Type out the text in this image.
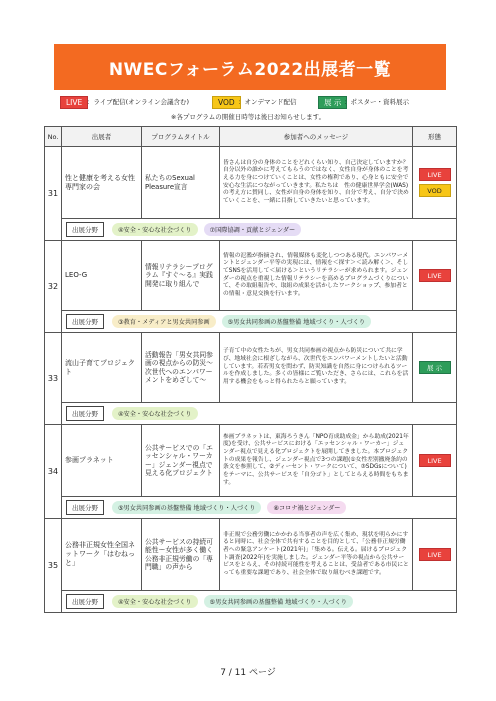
NWECフォーラム2022出展者一覧
LIVE ：ライブ配信(オンライン会議含む)	VOD ：オンデマンド配信	展 示 ：ポスター・資料展示
※各プログラムの開催日時等は後日お知らせします。
No.	出展者	プログラムタイトル	参加者へのメッセージ	形態
31	性と健康を考える女性専門家の会	私たちのSexual Pleasure宣言	皆さんは自分の身体のことをどれくらい知り、自己決定していますか？自分以外の誰かに考えてもらうのではなく、女性自身が身体のことを考える力を身につけていくことは、女性の権利であり、心身ともに安全で安心な生活につながっていきます。私たちは　性の健康世界学会(WAS)の考え方に賛同し、女性が自身の身体を知り、自分で考え、自分で決めていくことを、一緒に目指していきたいと思っています。	LIVE
VOD

	出展分野 ④安全・安心な社会づくり ⑦国際協調・貢献とジェンダー			
32	LEO-G	情報リテラシープログラム『すぐ〜る』実践開発に取り組んで	情報の氾濫が指摘され、情報媒体も変化しつつある現代。エンパワーメントとジェンダー平等の実現には、情報を＜探す＞＜読み解く＞、そしてSNSを活用して＜届ける＞というリテラシーが求められます。ジェンダーの視点を重視した情報リテラシーを高めるプログラムづくりについて、その取組報告や、取組の成果を活かしたワークショップ、参加者との情報・意見交換を行います。	LIVE

	出展分野 ③教育・メディアと男女共同参画 ⑤男女共同参画の基盤整備 地域づくり・人づくり			
33	流山子育てプロジェクト	活動報告「男女共同参画の視点からの防災〜次世代へのエンパワーメントをめざして〜	子育て中の女性たちが、男女共同参画の視点から防災について共に学び、地域社会に根ざしながら、次世代をエンパワーメントしたいと活動しています。若若男女を問わず、防災知識を自然に身につけられるツールを作成しました。多くの皆様にご覧いただき、さらには、これらを活用する機会をもっと得られたらと願っています。	展 示

	出展分野 ④安全・安心な社会づくり			
34	参画プラネット	公共サービスでの「エッセンシャル・ワーカー」ジェンダー視点で見える化プロジェクト	参画プラネットは、東海ろうきん「NPO育成助成金」から助成(2021年度)を受け、公共サービスにおける「エッセンシャル・ワーカー」ジェンダー視点で見える化プロジェクトを展開してきました。本プロジェクトの成果を報告し、ジェンダー視点で3つの課題(①女性差別撤廃条約の条文を参照して、②ディーセント・ワークについて、③SDGsについて)をテーマに、公共サービスを「自分ゴト」としてとらえる時間をもちます。	LIVE

	出展分野 ⑤男女共同参画の基盤整備 地域づくり・人づくり ⑧コロナ禍とジェンダー			
35	公務非正規女性全国ネットワーク「はむねっと」	公共サービスの持続可能性ー女性が多く働く公務非正規労働の「専門職」の声から	非正規で公務労働にかかわる当事者の声を広く集め、現状を明らかにすると同時に、社会全体で共有することを目的として、「公務非正規労働者への緊急アンケート(2021年)」「集める。伝える。届けるプロジェクト調査(2022年)を実施しました。ジェンダー平等の視点から公共サービスをとらえ、その持続可能性を考えることは、受益者である市民にとっても重要な課題であり、社会全体で取り組むべき課題です。	LIVE

	出展分野 ④安全・安心な社会づくり ⑤男女共同参画の基盤整備 地域づくり・人づくり			
7 / 11 ページ
